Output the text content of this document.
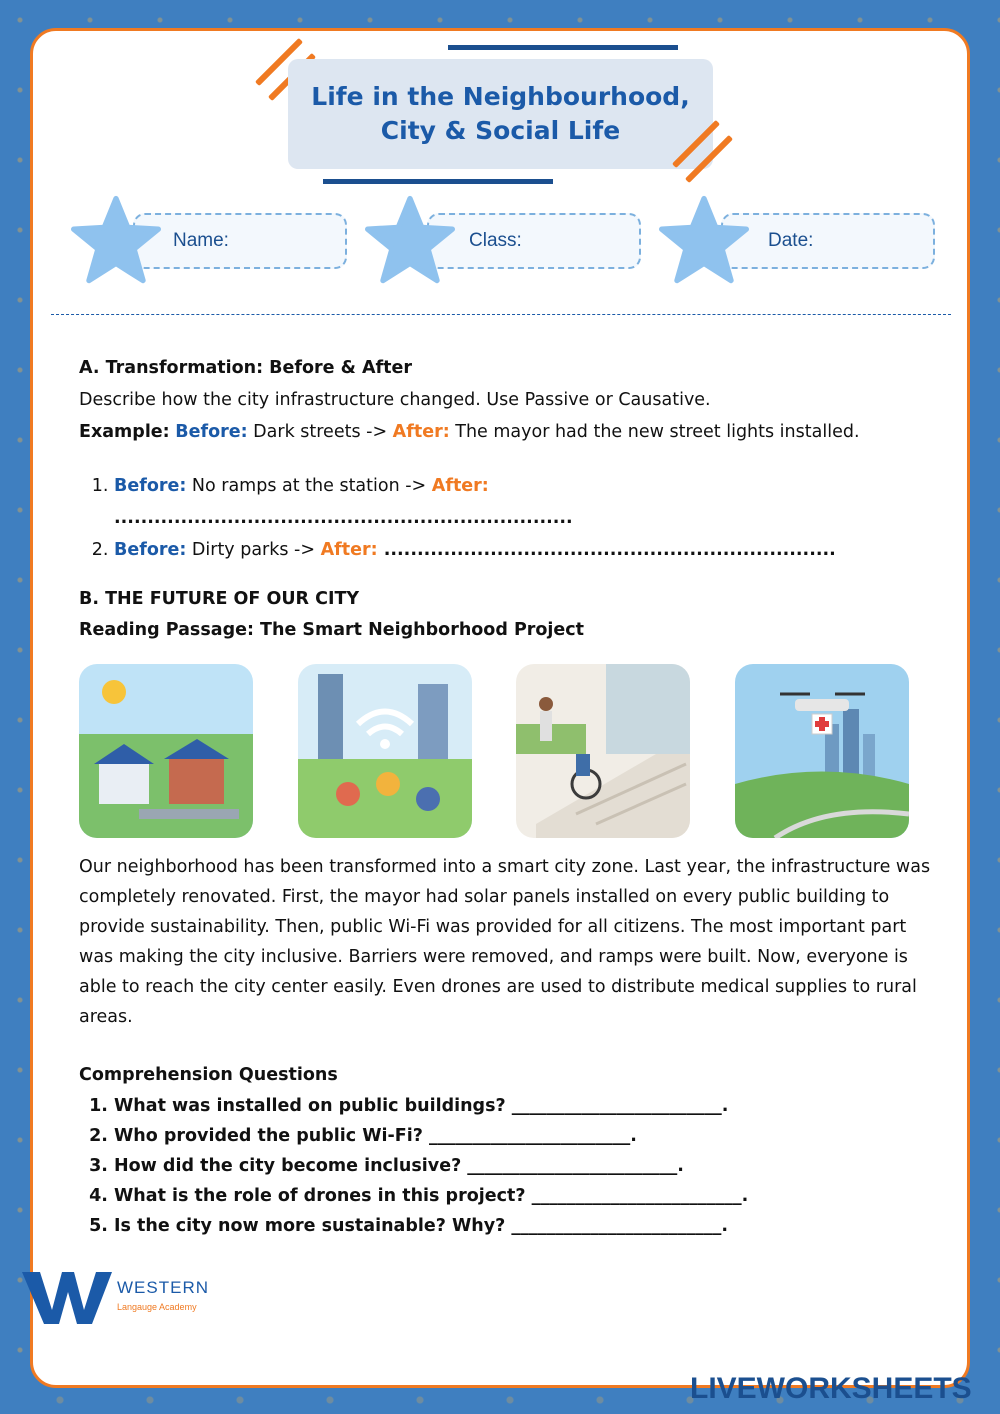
Life in the Neighbourhood,
City & Social Life
Name:	Class:	Date:
A. Transformation: Before & After
Describe how the city infrastructure changed. Use Passive or Causative.
Example: Before: Dark streets -> After: The mayor had the new street lights installed.
1. Before: No ramps at the station -> After: .....................................................................
2. Before: Dirty parks -> After: ....................................................................
B. THE FUTURE OF OUR CITY
Reading Passage: The Smart Neighborhood Project
Our neighborhood has been transformed into a smart city zone. Last year, the infrastructure was completely renovated. First, the mayor had solar panels installed on every public building to provide sustainability. Then, public Wi-Fi was provided for all citizens. The most important part was making the city inclusive. Barriers were removed, and ramps were built. Now, everyone is able to reach the city center easily. Even drones are used to distribute medical supplies to rural areas.
Comprehension Questions
1. What was installed on public buildings? ________________________.
2. Who provided the public Wi-Fi? _______________________.
3. How did the city become inclusive? ________________________.
4. What is the role of drones in this project? ________________________.
5. Is the city now more sustainable? Why? ________________________.
WESTERN
Langauge Academy
LIVEWORKSHEETS
